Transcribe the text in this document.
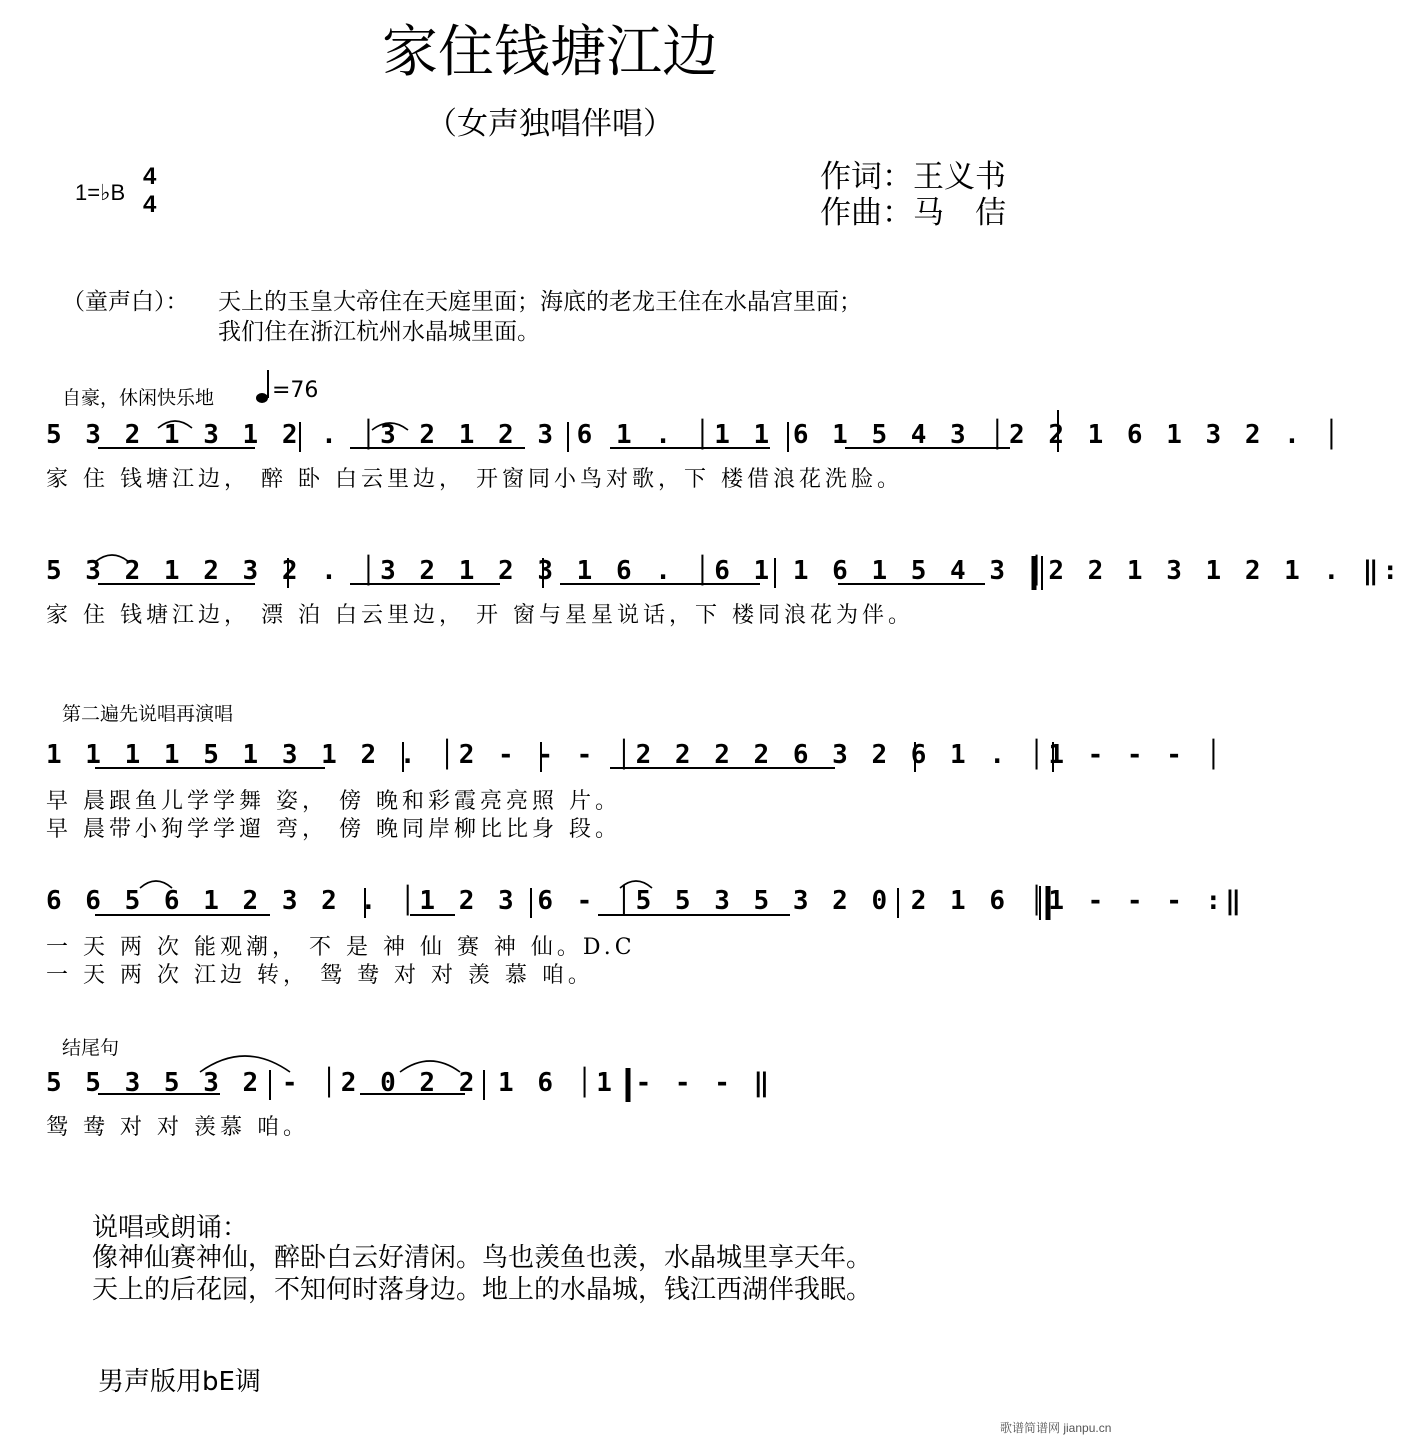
家住钱塘江边
（女声独唱伴唱）
1=♭B
4
4
作词：王义书
作曲：马　佶
（童声白）： 天上的玉皇大帝住在天庭里面；海底的老龙王住在水晶宫里面；
我们住在浙江杭州水晶城里面。
自豪，休闲快乐地	=76
5 3 2 1 3 1 2 . │3 2 1 2 3 6 1 . │1 1 6 1 5 4 3 │2 2 1 6 1 3 2 . │
家 住 钱塘江边， 醉 卧 白云里边， 开窗同小鸟对歌，下 楼借浪花洗脸。
5 3 2 1 2 3 2 . │3 2 1 2 3 1 6 . │6 1 1 6 1 5 4 3 │2 2 1 3 1 2 1 . ‖:
家 住 钱塘江边， 漂 泊 白云里边， 开 窗与星星说话，下 楼同浪花为伴。
第二遍先说唱再演唱
1 1 1 1 5 1 3 1 2 . │2 - - - │2 2 2 2 6 3 2 6 1 . │1 - - - │
早 晨跟鱼儿学学舞 姿， 傍 晚和彩霞亮亮照 片。
早 晨带小狗学学遛 弯， 傍 晚同岸柳比比身 段。
6 6 5 6 1 2 3 2 . │1 2 3 6 - │5 5 3 5 3 2 0 2 1 6 │1 - - - :‖
一 天 两 次 能观潮， 不 是 神 仙 赛 神 仙。D.C
一 天 两 次 江边 转， 鸳 鸯 对 对 羡 慕 咱。
结尾句
5 5 3 5 3 2 - │2 0 2 2 1 6 │1 - - - ‖
鸳 鸯 对 对 羡慕 咱。
说唱或朗诵：
像神仙赛神仙，醉卧白云好清闲。鸟也羡鱼也羡，水晶城里享天年。
天上的后花园，不知何时落身边。地上的水晶城，钱江西湖伴我眠。
男声版用bE调
歌谱简谱网 jianpu.cn
